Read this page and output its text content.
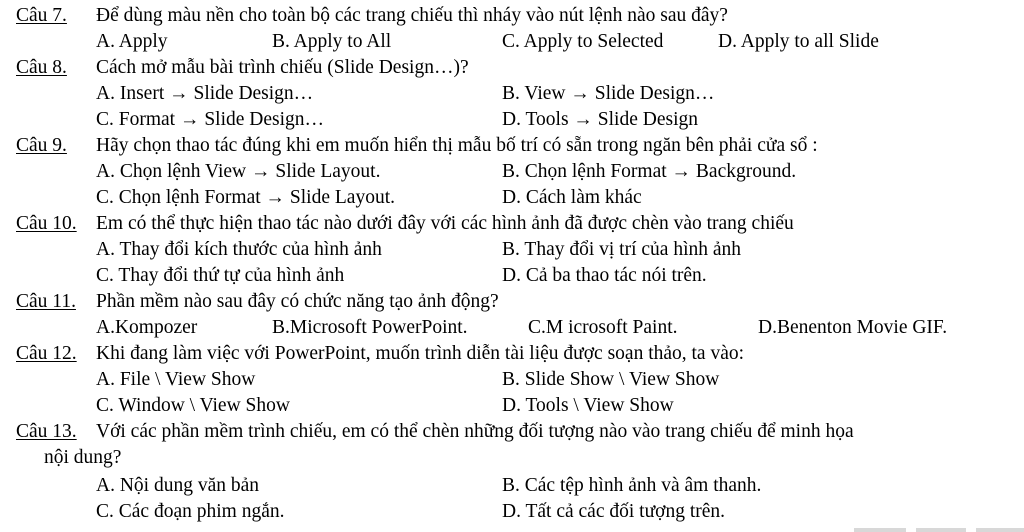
Câu 7. Để dùng màu nền cho toàn bộ các trang chiếu thì nháy vào nút lệnh nào sau đây?
A. Apply	B. Apply to All	C. Apply to Selected	D. Apply to all Slide
Câu 8. Cách mở mẫu bài trình chiếu (Slide Design…)?
A. Insert → Slide Design…	B. View → Slide Design…
C. Format → Slide Design…	D. Tools → Slide Design
Câu 9. Hãy chọn thao tác đúng khi em muốn hiển thị mẫu bố trí có sẵn trong ngăn bên phải cửa sổ :
A. Chọn lệnh View → Slide Layout.	B. Chọn lệnh Format → Background.
C. Chọn lệnh Format → Slide Layout.	D. Cách làm khác
Câu 10. Em có thể thực hiện thao tác nào dưới đây với các hình ảnh đã được chèn vào trang chiếu
A. Thay đổi kích thước của hình ảnh	B. Thay đổi vị trí của hình ảnh
C. Thay đổi thứ tự của hình ảnh	D. Cả ba thao tác nói trên.
Câu 11. Phần mềm nào sau đây có chức năng tạo ảnh động?
A.Kompozer	B.Microsoft PowerPoint.	C.M icrosoft Paint.	D.Benenton Movie GIF.
Câu 12. Khi đang làm việc với PowerPoint, muốn trình diễn tài liệu được soạn thảo, ta vào:
A. File \ View Show	B. Slide Show \ View Show
C. Window \ View Show	D. Tools \ View Show
Câu 13. Với các phần mềm trình chiếu, em có thể chèn những đối tượng nào vào trang chiếu để minh họa
nội dung?
A. Nội dung văn bản	B. Các tệp hình ảnh và âm thanh.
C. Các đoạn phim ngắn.	D. Tất cả các đối tượng trên.
